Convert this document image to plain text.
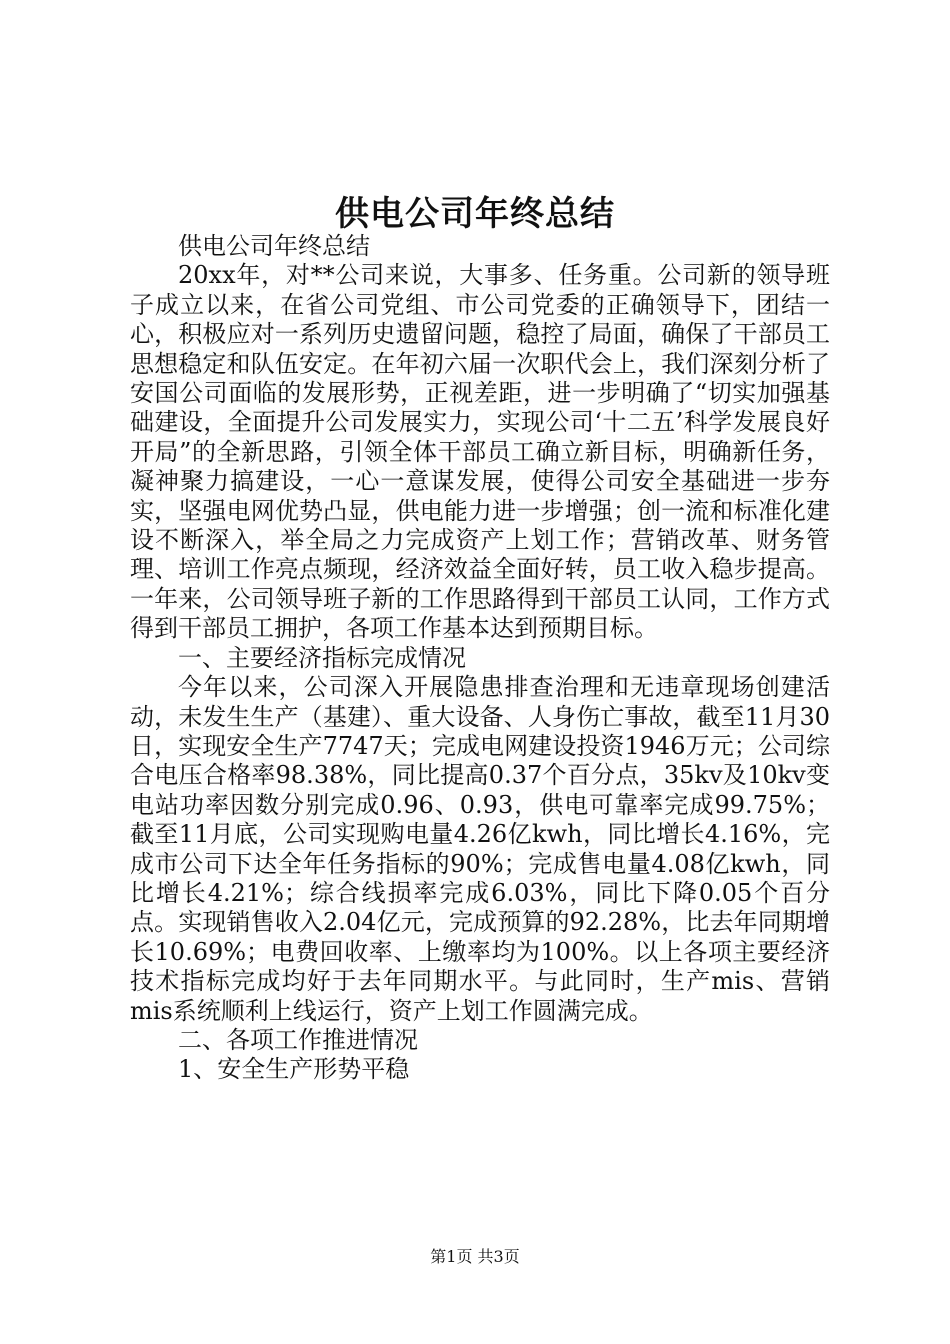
供电公司年终总结

供电公司年终总结

20xx年，对**公司来说，大事多、任务重。公司新的领导班子成立以来，在省公司党组、市公司党委的正确领导下，团结一心，积极应对一系列历史遗留问题，稳控了局面，确保了干部员工思想稳定和队伍安定。在年初六届一次职代会上，我们深刻分析了安国公司面临的发展形势，正视差距，进一步明确了“切实加强基础建设，全面提升公司发展实力，实现公司‘十二五’科学发展良好开局”的全新思路，引领全体干部员工确立新目标，明确新任务，凝神聚力搞建设，一心一意谋发展，使得公司安全基础进一步夯实，坚强电网优势凸显，供电能力进一步增强；创一流和标准化建设不断深入，举全局之力完成资产上划工作；营销改革、财务管理、培训工作亮点频现，经济效益全面好转，员工收入稳步提高。一年来，公司领导班子新的工作思路得到干部员工认同，工作方式得到干部员工拥护，各项工作基本达到预期目标。

一、主要经济指标完成情况

今年以来，公司深入开展隐患排查治理和无违章现场创建活动，未发生生产（基建）、重大设备、人身伤亡事故，截至11月30日，实现安全生产7747天；完成电网建设投资1946万元；公司综合电压合格率98.38%，同比提高0.37个百分点，35kv及10kv变电站功率因数分别完成0.96、0.93，供电可靠率完成99.75%；截至11月底，公司实现购电量4.26亿kwh，同比增长4.16%，完成市公司下达全年任务指标的90%；完成售电量4.08亿kwh，同比增长4.21%；综合线损率完成6.03%，同比下降0.05个百分点。实现销售收入2.04亿元，完成预算的92.28%，比去年同期增长10.69%；电费回收率、上缴率均为100%。以上各项主要经济技术指标完成均好于去年同期水平。与此同时，生产mis、营销mis系统顺利上线运行，资产上划工作圆满完成。

二、各项工作推进情况

1、安全生产形势平稳

第1页 共3页
